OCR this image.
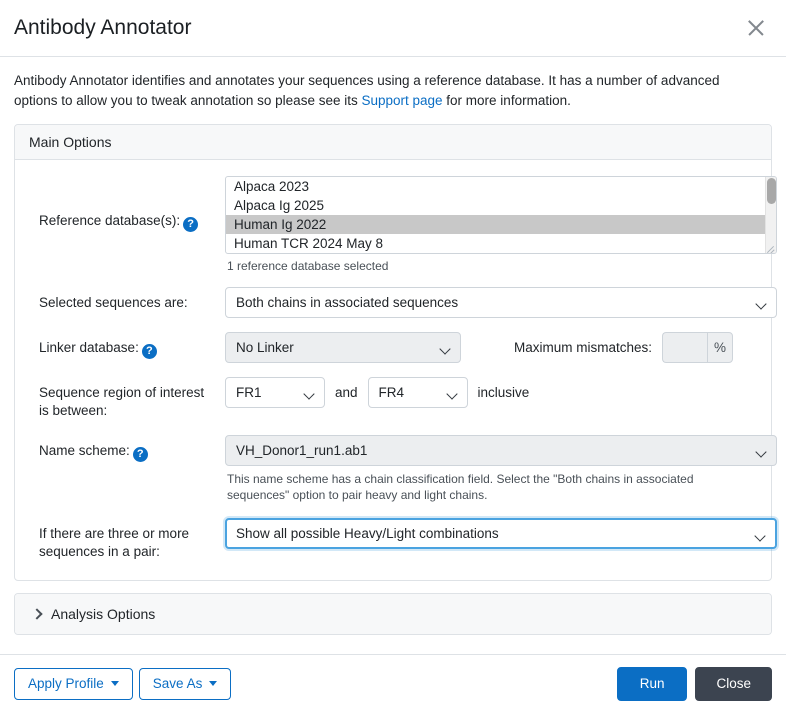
Antibody Annotator

Antibody Annotator identifies and annotates your sequences using a reference database. It has a number of advanced options to allow you to tweak annotation so please see its Support page for more information.

Main Options
Reference database(s): ?
Alpaca 2023
Alpaca Ig 2025
Human Ig 2022
Human TCR 2024 May 8
1 reference database selected
Selected sequences are:	Both chains in associated sequences
Linker database: ?	No Linker	Maximum mismatches:	%
Sequence region of interest is between:
FR1	and FR4	inclusive
Name scheme: ?	VH_Donor1_run1.ab1
This name scheme has a chain classification field. Select the "Both chains in associated sequences" option to pair heavy and light chains.
If there are three or more sequences in a pair:
Show all possible Heavy/Light combinations
Analysis Options
Apply Profile	Save As	Run	Close
